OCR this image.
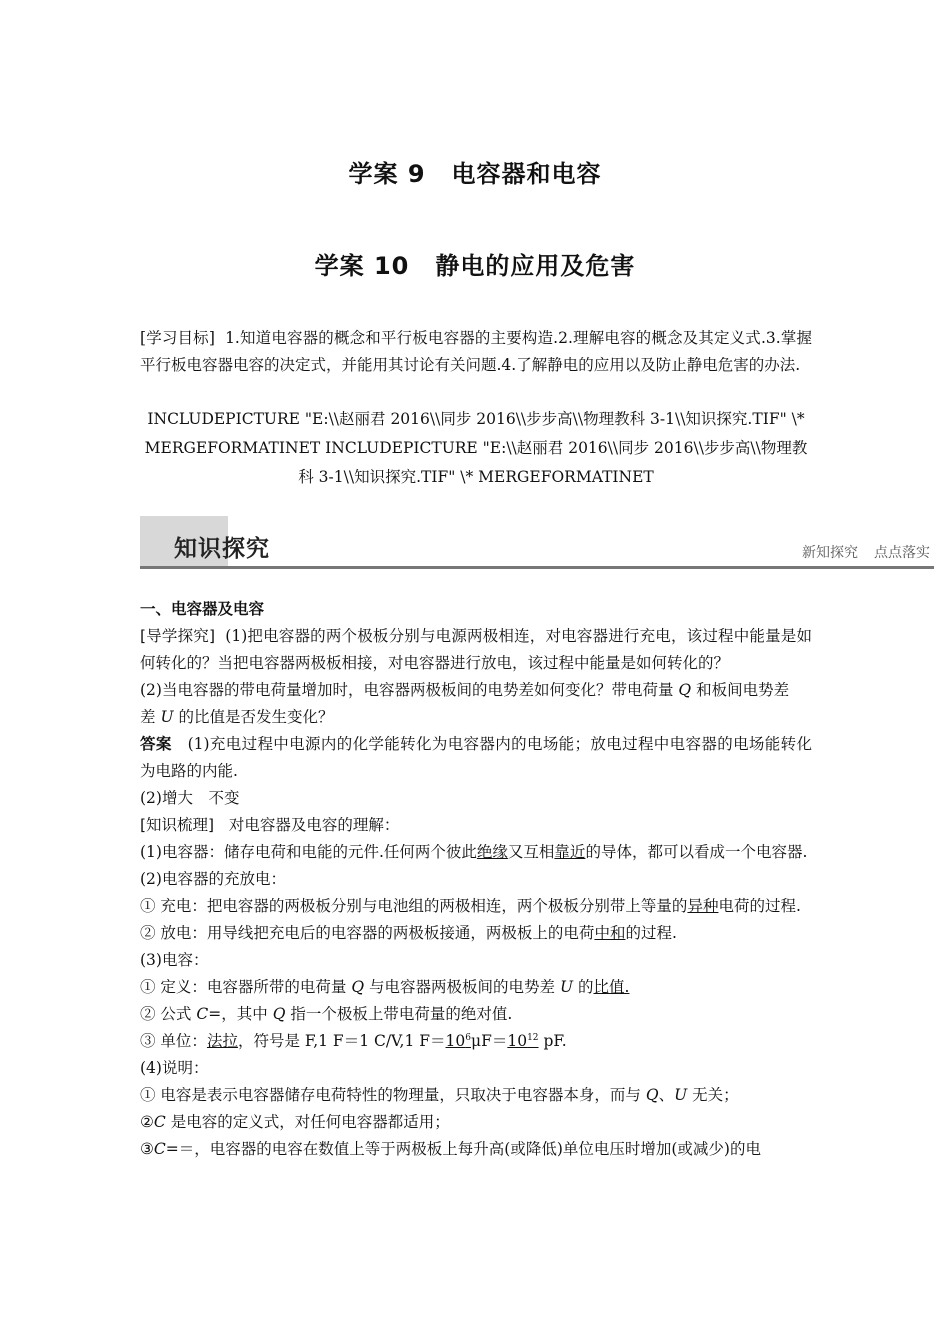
学案 9 电容器和电容
学案 10 静电的应用及危害
[学习目标] 1.知道电容器的概念和平行板电容器的主要构造.2.理解电容的概念及其定义式.3.掌握平行板电容器电容的决定式，并能用其讨论有关问题.4.了解静电的应用以及防止静电危害的办法.
INCLUDEPICTURE "E:\\赵丽君 2016\\同步 2016\\步步高\\物理教科 3-1\\知识探究.TIF" \* MERGEFORMATINET INCLUDEPICTURE "E:\\赵丽君 2016\\同步 2016\\步步高\\物理教科 3-1\\知识探究.TIF" \* MERGEFORMATINET
知识探究	新知探究 点点落实

一、电容器及电容

[导学探究] (1)把电容器的两个极板分别与电源两极相连，对电容器进行充电，该过程中能量是如何转化的？当把电容器两极板相接，对电容器进行放电，该过程中能量是如何转化的？

(2)当电容器的带电荷量增加时，电容器两极板间的电势差如何变化？带电荷量 Q 和板间电势差
差 U 的比值是否发生变化？

答案 (1)充电过程中电源内的化学能转化为电容器内的电场能；放电过程中电容器的电场能转化为电路的内能.

(2)增大　不变

[知识梳理] 对电容器及电容的理解：

(1)电容器：储存电荷和电能的元件.任何两个彼此绝缘又互相靠近的导体，都可以看成一个电容器.

(2)电容器的充放电：

① 充电：把电容器的两极板分别与电池组的两极相连，两个极板分别带上等量的异种电荷的过程.

② 放电：用导线把充电后的电容器的两极板接通，两极板上的电荷中和的过程.

(3)电容：

① 定义：电容器所带的电荷量 Q 与电容器两极板间的电势差 U 的比值.

② 公式 C=，其中 Q 指一个极板上带电荷量的绝对值.

③ 单位：法拉，符号是 F,1 F＝1 C/V,1 $F=10^6\mu F=10^{12}$ pF.

(4)说明：

① 电容是表示电容器储存电荷特性的物理量，只取决于电容器本身，而与 Q、U 无关；

②C 是电容的定义式，对任何电容器都适用；

③C=＝，电容器的电容在数值上等于两极板上每升高(或降低)单位电压时增加(或减少)的电
